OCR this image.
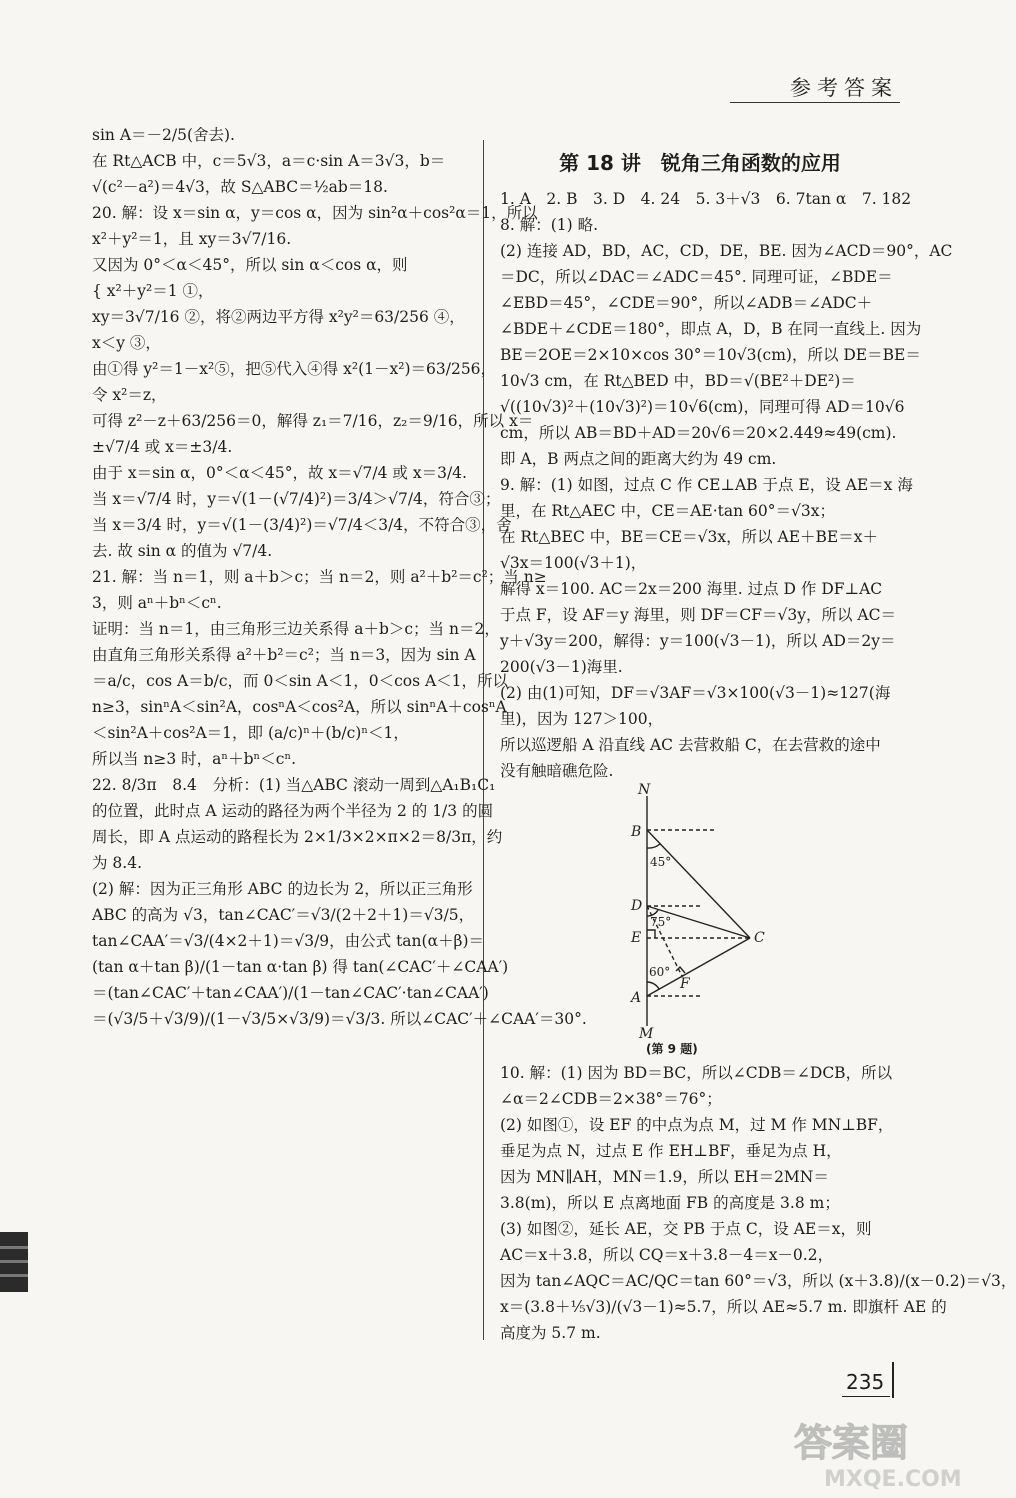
参考答案
sin A＝－2/5(舍去).
在 Rt△ACB 中，c＝5√3，a＝c·sin A＝3√3，b＝
√(c²－a²)＝4√3，故 S△ABC＝½ab＝18.
20. 解：设 x＝sin α，y＝cos α，因为 sin²α＋cos²α＝1，所以
x²＋y²＝1，且 xy＝3√7/16.
又因为 0°＜α＜45°，所以 sin α＜cos α，则
{ x²＋y²＝1 ①，
xy＝3√7/16 ②，将②两边平方得 x²y²＝63/256 ④，
x＜y ③，
由①得 y²＝1－x²⑤，把⑤代入④得 x²(1－x²)＝63/256，
令 x²＝z，
可得 z²－z＋63/256＝0，解得 z₁＝7/16，z₂＝9/16，所以 x＝
±√7/4 或 x＝±3/4.
由于 x＝sin α，0°＜α＜45°，故 x＝√7/4 或 x＝3/4.
当 x＝√7/4 时，y＝√(1－(√7/4)²)＝3/4＞√7/4，符合③；
当 x＝3/4 时，y＝√(1－(3/4)²)＝√7/4＜3/4，不符合③，舍
去. 故 sin α 的值为 √7/4.
21. 解：当 n＝1，则 a＋b＞c；当 n＝2，则 a²＋b²＝c²；当 n≥
3，则 aⁿ＋bⁿ＜cⁿ.
证明：当 n＝1，由三角形三边关系得 a＋b＞c；当 n＝2，
由直角三角形关系得 a²＋b²＝c²；当 n＝3，因为 sin A
＝a/c，cos A＝b/c，而 0＜sin A＜1，0＜cos A＜1，所以
n≥3，sinⁿA＜sin²A，cosⁿA＜cos²A，所以 sinⁿA＋cosⁿA
＜sin²A＋cos²A＝1，即 (a/c)ⁿ＋(b/c)ⁿ＜1，
所以当 n≥3 时，aⁿ＋bⁿ＜cⁿ.
22. 8/3π　8.4　分析：(1) 当△ABC 滚动一周到△A₁B₁C₁
的位置，此时点 A 运动的路径为两个半径为 2 的 1/3 的圆
周长，即 A 点运动的路程长为 2×1/3×2×π×2＝8/3π，约
为 8.4.
(2) 解：因为正三角形 ABC 的边长为 2，所以正三角形
ABC 的高为 √3，tan∠CAC′＝√3/(2＋2＋1)＝√3/5，
tan∠CAA′＝√3/(4×2＋1)＝√3/9，由公式 tan(α＋β)＝
(tan α＋tan β)/(1－tan α·tan β) 得 tan(∠CAC′＋∠CAA′)
＝(tan∠CAC′＋tan∠CAA′)/(1－tan∠CAC′·tan∠CAA′)
＝(√3/5＋√3/9)/(1－√3/5×√3/9)＝√3/3. 所以∠CAC′＋∠CAA′＝30°.
第 18 讲　锐角三角函数的应用
1. A　2. B　3. D　4. 24　5. 3＋√3　6. 7tan α　7. 182
8. 解：(1) 略.
(2) 连接 AD，BD，AC，CD，DE，BE. 因为∠ACD＝90°，AC
＝DC，所以∠DAC＝∠ADC＝45°. 同理可证，∠BDE＝
∠EBD＝45°，∠CDE＝90°，所以∠ADB＝∠ADC＋
∠BDE＋∠CDE＝180°，即点 A，D，B 在同一直线上. 因为
BE＝2OE＝2×10×cos 30°＝10√3(cm)，所以 DE＝BE＝
10√3 cm，在 Rt△BED 中，BD＝√(BE²＋DE²)＝
√((10√3)²＋(10√3)²)＝10√6(cm)，同理可得 AD＝10√6
cm，所以 AB＝BD＋AD＝20√6＝20×2.449≈49(cm).
即 A，B 两点之间的距离大约为 49 cm.
9. 解：(1) 如图，过点 C 作 CE⊥AB 于点 E，设 AE＝x 海
里，在 Rt△AEC 中，CE＝AE·tan 60°＝√3x；
在 Rt△BEC 中，BE＝CE＝√3x，所以 AE＋BE＝x＋
√3x＝100(√3＋1)，
解得 x＝100. AC＝2x＝200 海里. 过点 D 作 DF⊥AC
于点 F，设 AF＝y 海里，则 DF＝CF＝√3y，所以 AC＝
y＋√3y＝200，解得：y＝100(√3－1)，所以 AD＝2y＝
200(√3－1)海里.
(2) 由(1)可知，DF＝√3AF＝√3×100(√3－1)≈127(海
里)，因为 127＞100，
所以巡逻船 A 沿直线 AC 去营救船 C，在去营救的途中
没有触暗礁危险.
N
B
D
E
A
M
C
F
45°
75°
60°
(第 9 题)
10. 解：(1) 因为 BD＝BC，所以∠CDB＝∠DCB，所以
∠α＝2∠CDB＝2×38°＝76°；
(2) 如图①，设 EF 的中点为点 M，过 M 作 MN⊥BF，
垂足为点 N，过点 E 作 EH⊥BF，垂足为点 H，
因为 MN∥AH，MN＝1.9，所以 EH＝2MN＝
3.8(m)，所以 E 点离地面 FB 的高度是 3.8 m；
(3) 如图②，延长 AE，交 PB 于点 C，设 AE＝x，则
AC＝x＋3.8，所以 CQ＝x＋3.8－4＝x－0.2，
因为 tan∠AQC＝AC/QC＝tan 60°＝√3，所以 (x＋3.8)/(x－0.2)＝√3，
x＝(3.8＋⅕√3)/(√3－1)≈5.7，所以 AE≈5.7 m. 即旗杆 AE 的
高度为 5.7 m.
235
答案圈
MXQE.COM
